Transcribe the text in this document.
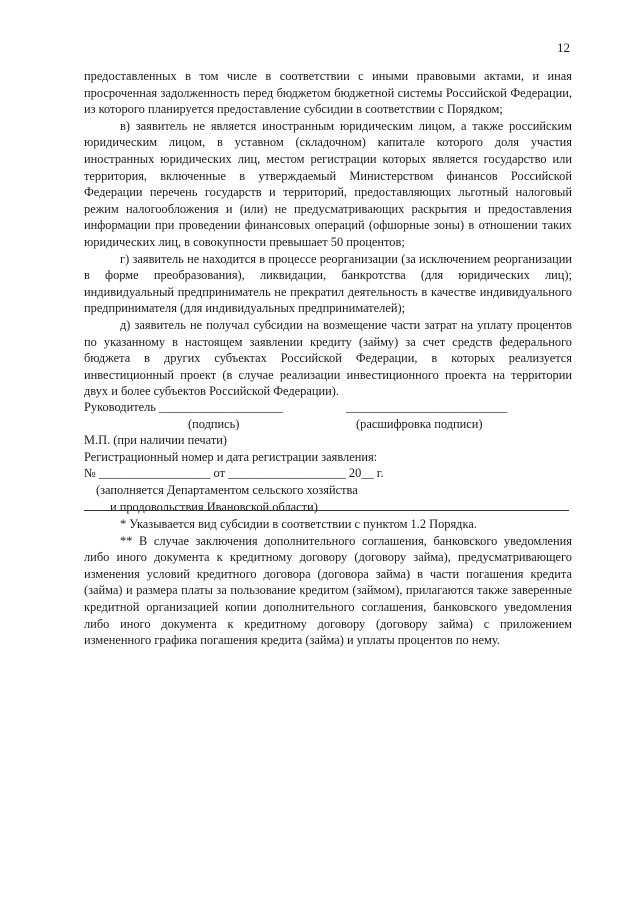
12

предоставленных в том числе в соответствии с иными правовыми актами, и иная просроченная задолженность перед бюджетом бюджетной системы Российской Федерации, из которого планируется предоставление субсидии в соответствии с Порядком;

в) заявитель не является иностранным юридическим лицом, а также российским юридическим лицом, в уставном (складочном) капитале которого доля участия иностранных юридических лиц, местом регистрации которых является государство или территория, включенные в утверждаемый Министерством финансов Российской Федерации перечень государств и территорий, предоставляющих льготный налоговый режим налогообложения и (или) не предусматривающих раскрытия и предоставления информации при проведении финансовых операций (офшорные зоны) в отношении таких юридических лиц, в совокупности превышает 50 процентов;

г) заявитель не находится в процессе реорганизации (за исключением реорганизации в форме преобразования), ликвидации, банкротства (для юридических лиц); индивидуальный предприниматель не прекратил деятельность в качестве индивидуального предпринимателя (для индивидуальных предпринимателей);

д) заявитель не получал субсидии на возмещение части затрат на уплату процентов по указанному в настоящем заявлении кредиту (займу) за счет средств федерального бюджета в других субъектах Российской Федерации, в которых реализуется инвестиционный проект (в случае реализации инвестиционного проекта на территории двух и более субъектов Российской Федерации).

Руководитель ____________________	__________________________
(подпись)	(расшифровка подписи)
М.П. (при наличии печати)
Регистрационный номер и дата регистрации заявления:
№ __________________ от ___________________ 20__ г.
(заполняется Департаментом сельского хозяйства
и продовольствия Ивановской области)

* Указывается вид субсидии в соответствии с пунктом 1.2 Порядка.

** В случае заключения дополнительного соглашения, банковского уведомления либо иного документа к кредитному договору (договору займа), предусматривающего изменения условий кредитного договора (договора займа) в части погашения кредита (займа) и размера платы за пользование кредитом (займом), прилагаются также заверенные кредитной организацией копии дополнительного соглашения, банковского уведомления либо иного документа к кредитному договору (договору займа) с приложением измененного графика погашения кредита (займа) и уплаты процентов по нему.
